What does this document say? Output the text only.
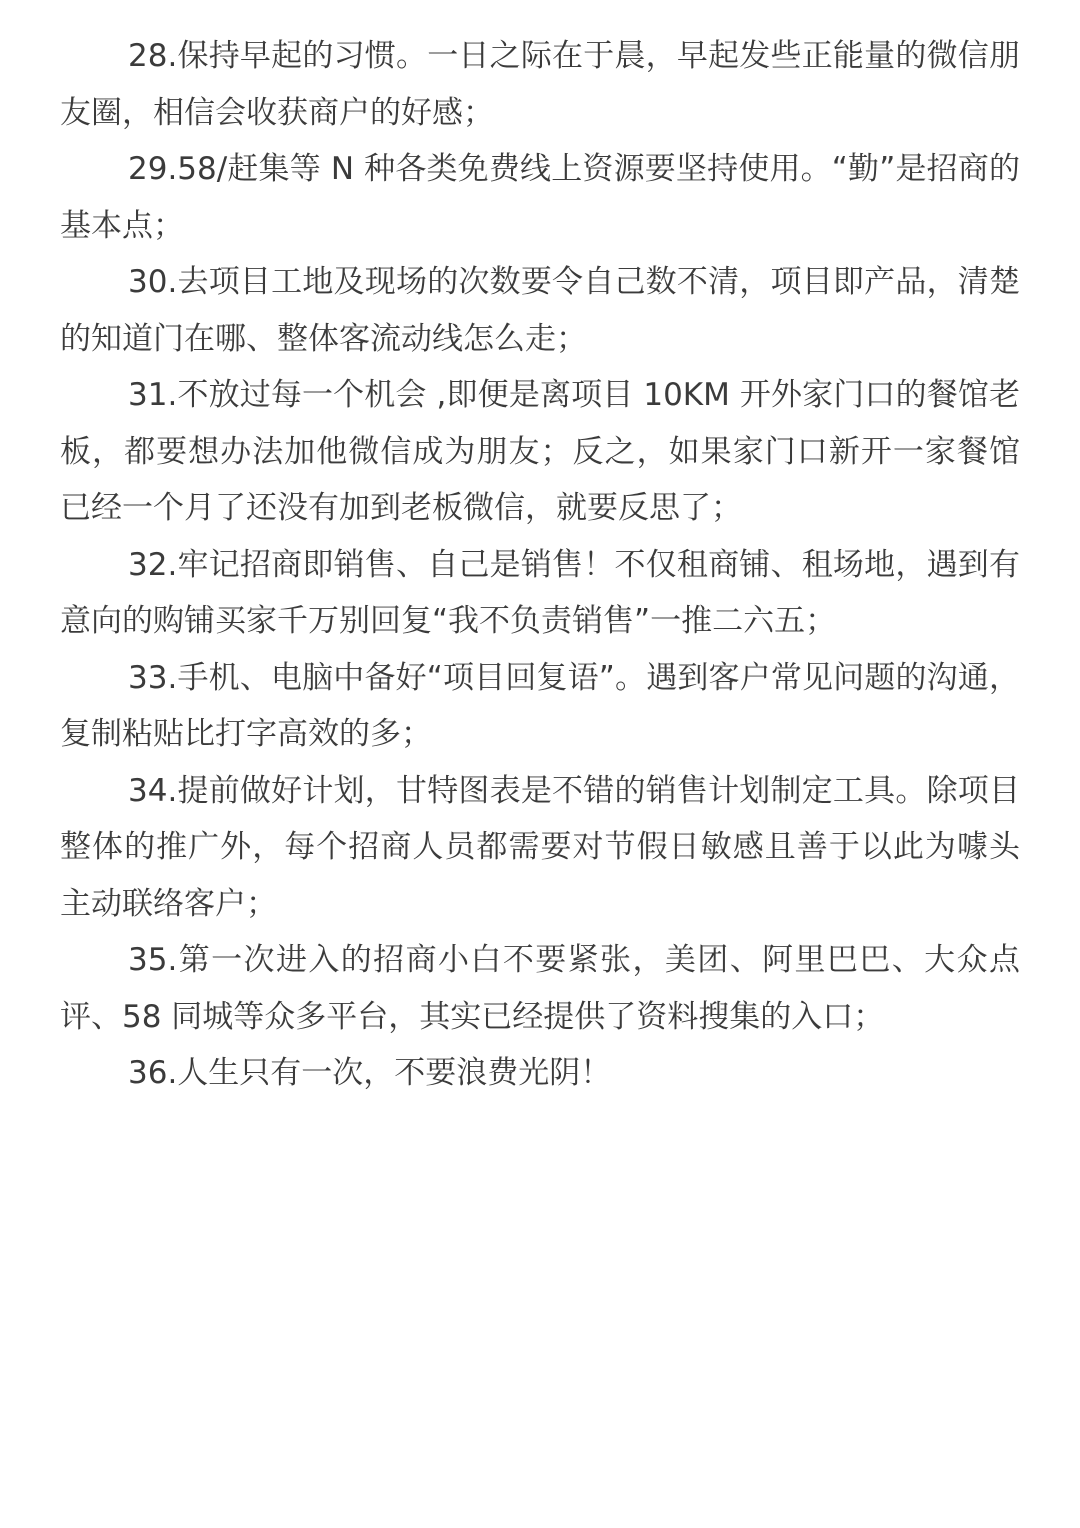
28.保持早起的习惯。一日之际在于晨，早起发些正能量的微信朋友圈，相信会收获商户的好感；

29.58/赶集等 N 种各类免费线上资源要坚持使用。“勤”是招商的基本点；

30.去项目工地及现场的次数要令自己数不清，项目即产品，清楚的知道门在哪、整体客流动线怎么走；

31.不放过每一个机会 ,即便是离项目 10KM 开外家门口的餐馆老板，都要想办法加他微信成为朋友；反之，如果家门口新开一家餐馆已经一个月了还没有加到老板微信，就要反思了；

32.牢记招商即销售、自己是销售！不仅租商铺、租场地，遇到有意向的购铺买家千万别回复“我不负责销售”一推二六五；

33.手机、电脑中备好“项目回复语”。遇到客户常见问题的沟通，复制粘贴比打字高效的多；

34.提前做好计划，甘特图表是不错的销售计划制定工具。除项目整体的推广外，每个招商人员都需要对节假日敏感且善于以此为噱头主动联络客户；

35.第一次进入的招商小白不要紧张，美团、阿里巴巴、大众点评、58 同城等众多平台，其实已经提供了资料搜集的入口；

36.人生只有一次，不要浪费光阴！
